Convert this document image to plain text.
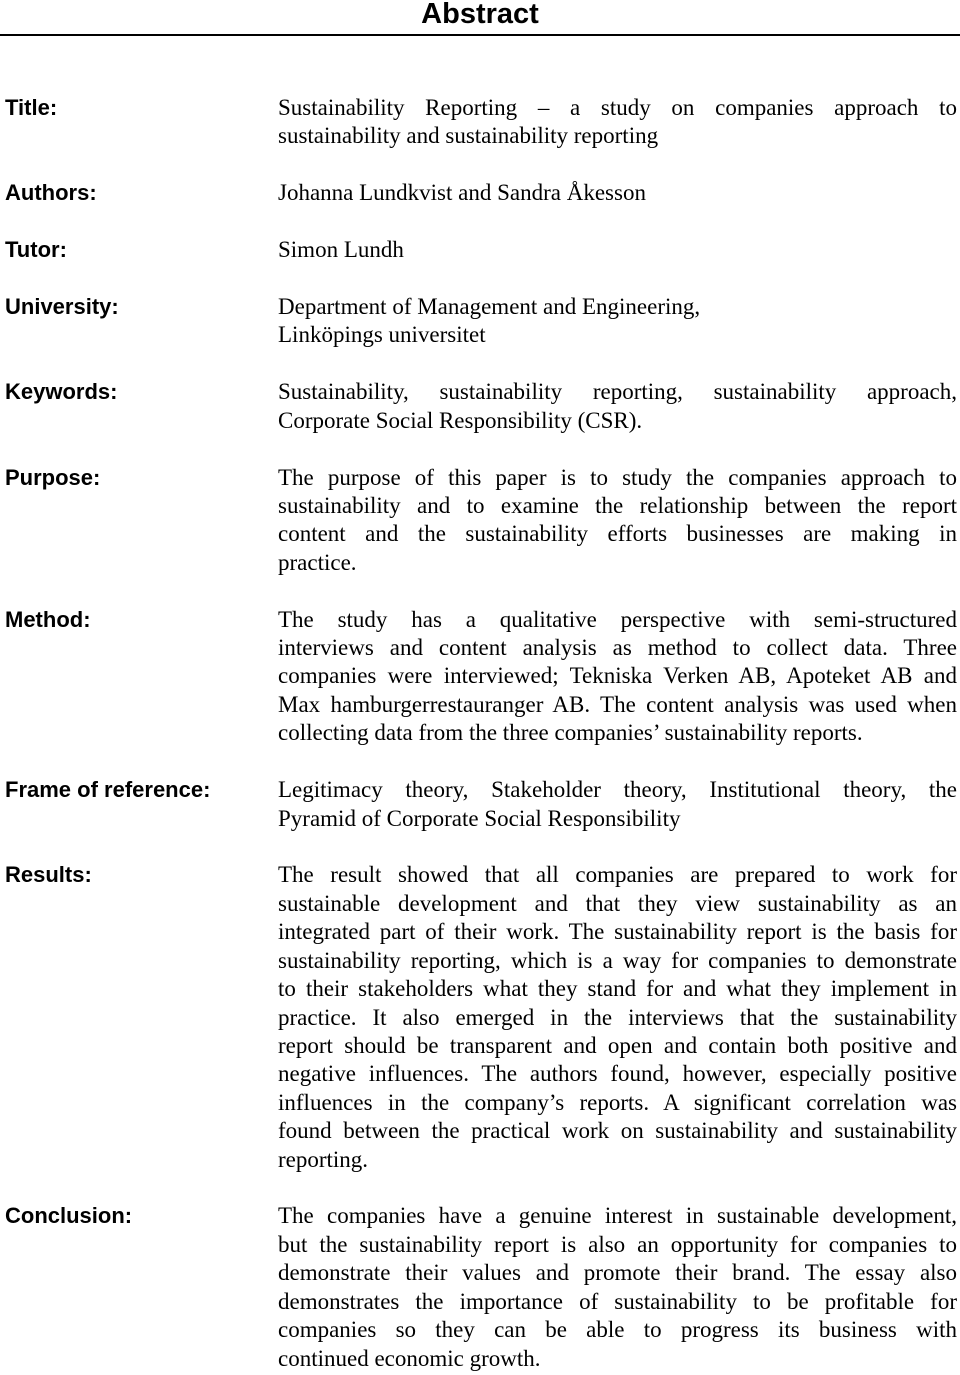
Abstract
Title:	Sustainability Reporting – a study on companies approach to
sustainability and sustainability reporting
Authors:	Johanna Lundkvist and Sandra Åkesson
Tutor:	Simon Lundh
University:	Department of Management and Engineering,
Linköpings universitet
Keywords:	Sustainability, sustainability reporting, sustainability approach,
Corporate Social Responsibility (CSR).
Purpose:	The purpose of this paper is to study the companies approach to
sustainability and to examine the relationship between the report
content and the sustainability efforts businesses are making in
practice.
Method:	The study has a qualitative perspective with semi-structured
interviews and content analysis as method to collect data. Three
companies were interviewed; Tekniska Verken AB, Apoteket AB and
Max hamburgerrestauranger AB. The content analysis was used when
collecting data from the three companies’ sustainability reports.
Frame of reference:	Legitimacy theory, Stakeholder theory, Institutional theory, the
Pyramid of Corporate Social Responsibility
Results:	The result showed that all companies are prepared to work for
sustainable development and that they view sustainability as an
integrated part of their work. The sustainability report is the basis for
sustainability reporting, which is a way for companies to demonstrate
to their stakeholders what they stand for and what they implement in
practice. It also emerged in the interviews that the sustainability
report should be transparent and open and contain both positive and
negative influences. The authors found, however, especially positive
influences in the company’s reports. A significant correlation was
found between the practical work on sustainability and sustainability
reporting.
Conclusion:	The companies have a genuine interest in sustainable development,
but the sustainability report is also an opportunity for companies to
demonstrate their values and promote their brand. The essay also
demonstrates the importance of sustainability to be profitable for
companies so they can be able to progress its business with
continued economic growth.
